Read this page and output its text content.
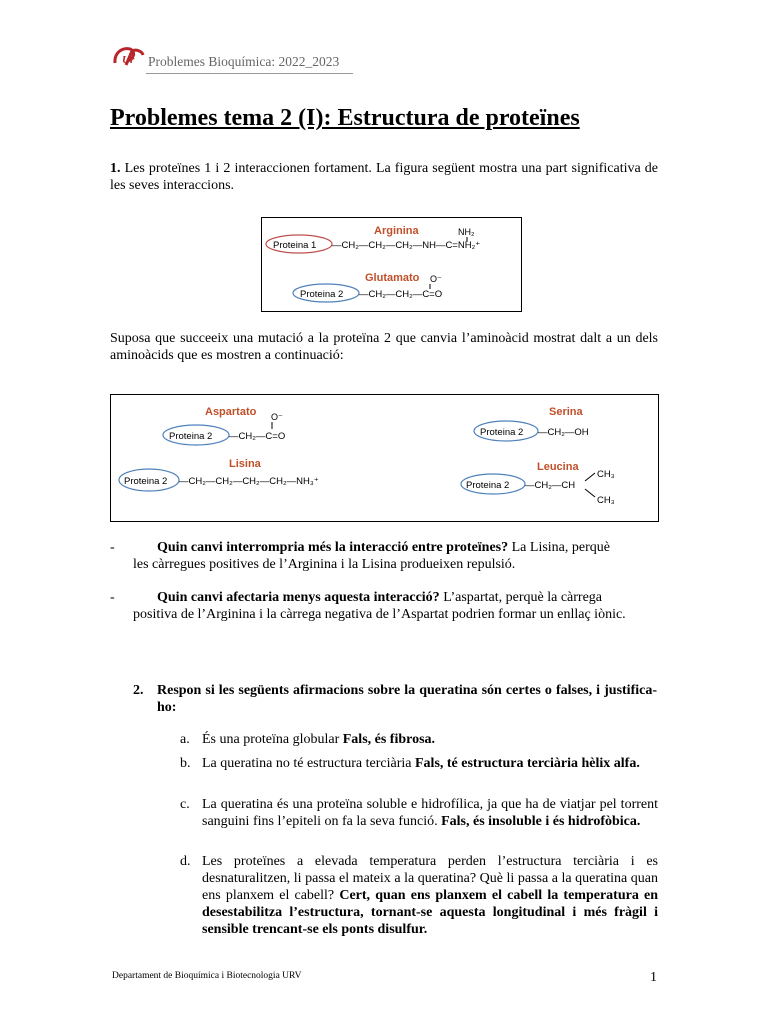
Ur Problemes Bioquímica: 2022_2023
Problemes tema 2 (I): Estructura de proteïnes
1. Les proteïnes 1 i 2 interaccionen fortament. La figura següent mostra una part significativa de les seves interaccions.
Arginina	NH₂
Proteina 1 —CH₂—CH₂—CH₂—NH—C=NH₂⁺
Glutamato O⁻
Proteina 2 —CH₂—CH₂—C=O
Suposa que succeeix una mutació a la proteïna 2 que canvia l’aminoàcid mostrat dalt a un dels aminoàcids que es mostren a continuació:
Aspartato O⁻
Proteina 2 —CH₂—C=O
Lisina
Proteina 2 —CH₂—CH₂—CH₂—CH₂—NH₃⁺
Serina
Proteina 2 —CH₂—OH
Leucina
CH₃
Proteina 2 —CH₂—CH
CH₃
-	Quin canvi interrompria més la interacció entre proteïnes? La Lisina, perquè
les càrregues positives de l’Arginina i la Lisina produeixen repulsió.
-	Quin canvi afectaria menys aquesta interacció? L’aspartat, perquè la càrrega
positiva de l’Arginina i la càrrega negativa de l’Aspartat podrien formar un enllaç iònic.
2. Respon si les següents afirmacions sobre la queratina són certes o falses, i justifica-ho:
a. És una proteïna globular Fals, és fibrosa.
b. La queratina no té estructura terciària Fals, té estructura terciària hèlix alfa.
c. La queratina és una proteïna soluble e hidrofílica, ja que ha de viatjar pel torrent sanguini fins l’epiteli on fa la seva funció. Fals, és insoluble i és hidrofòbica.
d. Les proteïnes a elevada temperatura perden l’estructura terciària i es desnaturalitzen, li passa el mateix a la queratina? Què li passa a la queratina quan ens planxem el cabell? Cert, quan ens planxem el cabell la temperatura en desestabilitza l’estructura, tornant-se aquesta longitudinal i més fràgil i sensible trencant-se els ponts disulfur.
Departament de Bioquímica i Biotecnologia URV	1
